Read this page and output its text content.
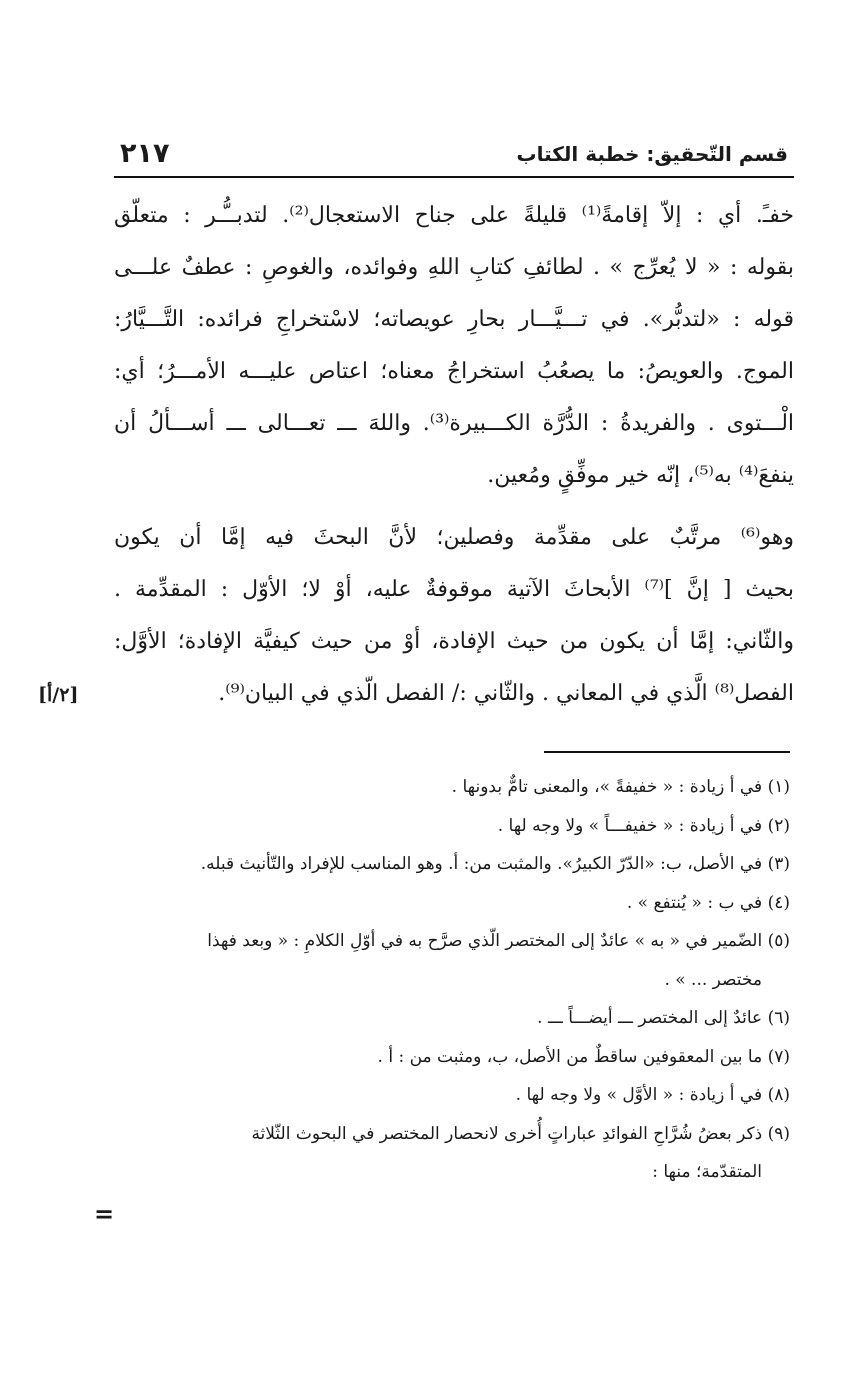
قسم التّحقيق: خطبة الكتاب
٢١٧
خفـً. أي : إلاّ إقامةً⁽¹⁾ قليلةً على جناح الاستعجال⁽²⁾. لتدبــُّـر : متعلّق
بقوله : « لا يُعرِّج » . لطائفِ كتابِ اللهِ وفوائده، والغوصِ : عطفٌ علـــى
قوله : «لتدبُّر». في تـــيَّـــار بحارِ عويصاته؛ لاسْتخراجِ فرائده: التَّـــيَّارُ:
الموج. والعويصُ: ما يصعُبُ استخراجُ معناه؛ اعتاص عليـــه الأمـــرُ؛ أي:
الْـــتوى . والفريدةُ : الدُّرَّة الكـــبيرة⁽³⁾. واللهَ ـــ تعـــالى ـــ أســـألُ أن
ينفعَ⁽⁴⁾ به⁽⁵⁾، إنّه خير موفِّقٍ ومُعين.
وهو⁽⁶⁾ مرتَّبٌ على مقدِّمة وفصلين؛ لأنَّ البحثَ فيه إمَّا أن يكون
بحيث [ إنَّ ]⁽⁷⁾ الأبحاثَ الآتية موقوفةٌ عليه، أوْ لا؛ الأوّل : المقدِّمة .
والثّاني: إمَّا أن يكون من حيث الإفادة، أوْ من حيث كيفيَّة الإفادة؛ الأوَّل:
الفصل⁽⁸⁾ الَّذي في المعاني . والثّاني :/ الفصل الّذي في البيان⁽⁹⁾.
[٢/أ]
(١) في أ زيادة : « خفيفةً »، والمعنى تامٌّ بدونها .
(٢) في أ زيادة : « خفيفـــاً » ولا وجه لها .
(٣) في الأصل، ب: «الدّرّ الكبيرُ». والمثبت من: أ. وهو المناسب للإفراد والتّأنيث قبله.
(٤) في ب : « يُنتفع » .
(٥) الضّمير في « به » عائدٌ إلى المختصر الّذي صرَّح به في أوّلِ الكلامِ : « وبعد فهذا
مختصر ... » .
(٦) عائدٌ إلى المختصر ـــ أيضـــاً ـــ .
(٧) ما بين المعقوفين ساقطٌ من الأصل، ب، ومثبت من : أ .
(٨) في أ زيادة : « الأوَّل » ولا وجه لها .
(٩) ذكر بعضُ شُرَّاحِ الفوائدِ عباراتٍ أُخرى لانحصار المختصر في البحوث الثّلاثة
المتقدّمة؛ منها :
=
